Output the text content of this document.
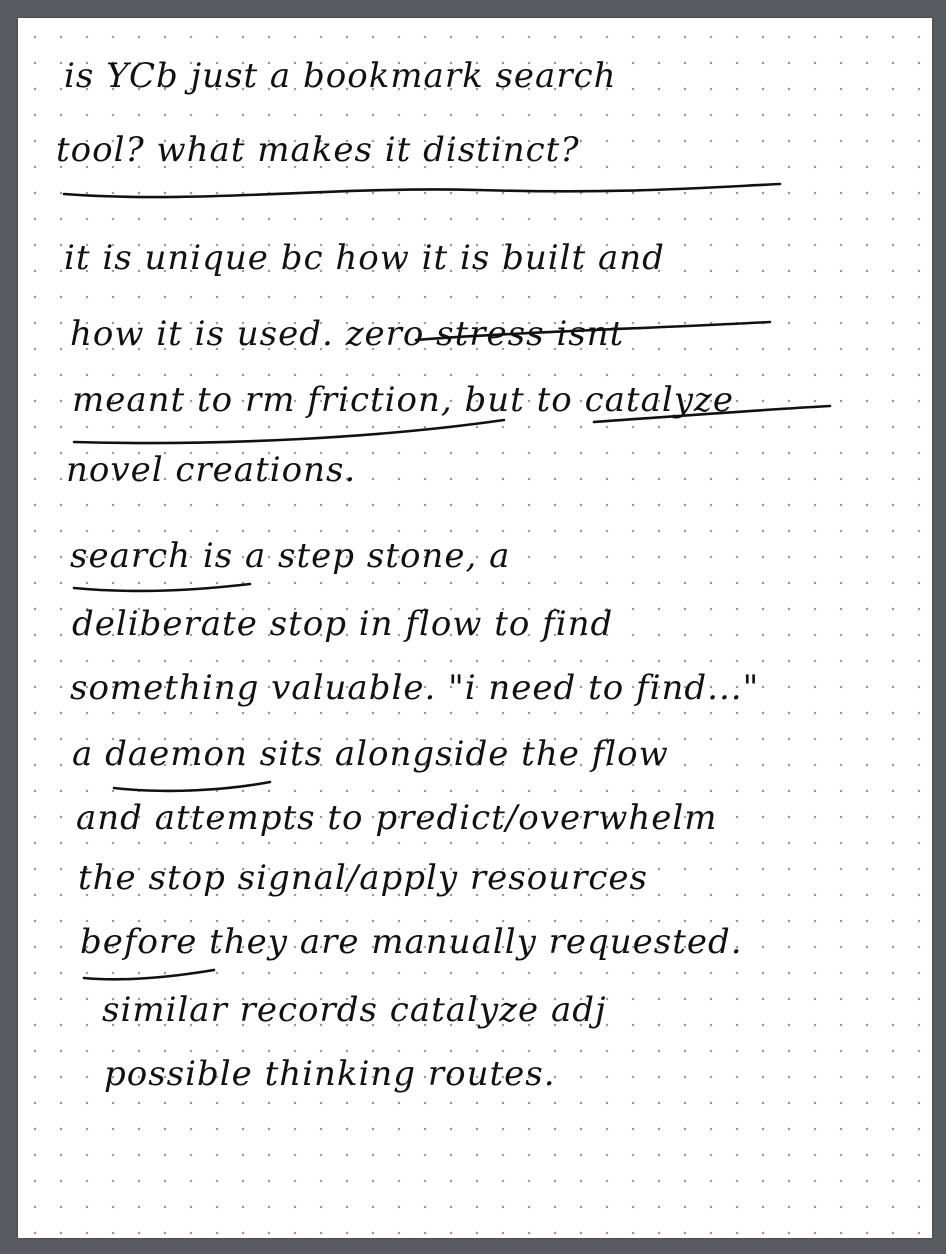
is YCb just a bookmark search

tool? what makes it distinct?

it is unique bc how it is built and

how it is used. zero stress isnt

meant to rm friction, but to catalyze

novel creations.

search is a step stone, a

deliberate stop in flow to find

something valuable. "i need to find..."

a daemon sits alongside the flow

and attempts to predict/overwhelm

the stop signal/apply resources

before they are manually requested.

similar records catalyze adj

possible thinking routes.
